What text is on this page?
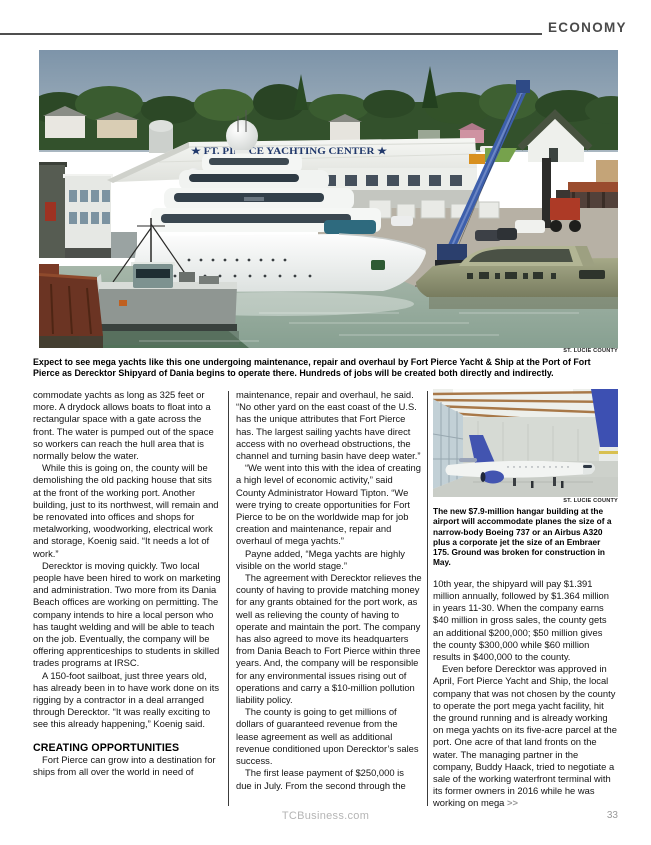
ECONOMY
★ FT. PIERCE YACHTING CENTER ★
ST. LUCIE COUNTY
Expect to see mega yachts like this one undergoing maintenance, repair and overhaul by Fort Pierce Yacht & Ship at the Port of Fort Pierce as Derecktor Shipyard of Dania begins to operate there. Hundreds of jobs will be created both directly and indirectly.
commodate yachts as long as 325 feet or more. A drydock allows boats to float into a rectangular space with a gate across the front. The water is pumped out of the space so workers can reach the hull area that is normally below the water.
While this is going on, the county will be demolishing the old packing house that sits at the front of the working port. Another building, just to its northwest, will remain and be renovated into offices and shops for metalworking, woodworking, electrical work and storage, Koenig said. “It needs a lot of work.”
Derecktor is moving quickly. Two local people have been hired to work on marketing and administration. Two more from its Dania Beach offices are working on permitting. The company intends to hire a local person who has taught welding and will be able to teach on the job. Eventually, the company will be offering apprenticeships to students in skilled trades programs at IRSC.
A 150-foot sailboat, just three years old, has already been in to have work done on its rigging by a contractor in a deal arranged through Derecktor. “It was really exciting to see this already happening,” Koenig said.
CREATING OPPORTUNITIES
Fort Pierce can grow into a destination for ships from all over the world in need of
maintenance, repair and overhaul, he said. “No other yard on the east coast of the U.S. has the unique attributes that Fort Pierce has. The largest sailing yachts have direct access with no overhead obstructions, the channel and turning basin have deep water.”
“We went into this with the idea of creating a high level of economic activity,” said County Administrator Howard Tipton. “We were trying to create opportunities for Fort Pierce to be on the worldwide map for job creation and maintenance, repair and overhaul of mega yachts.”
Payne added, “Mega yachts are highly visible on the world stage.”
The agreement with Derecktor relieves the county of having to provide matching money for any grants obtained for the port work, as well as relieving the county of having to operate and maintain the port. The company has also agreed to move its headquarters from Dania Beach to Fort Pierce within three years. And, the company will be responsible for any environmental issues rising out of operations and carry a $10-million pollution liability policy.
The county is going to get millions of dollars of guaranteed revenue from the lease agreement as well as additional revenue conditioned upon Derecktor’s sales success.
The first lease payment of $250,000 is due in July. From the second through the
ST. LUCIE COUNTY
The new $7.9-million hangar building at the airport will accommodate planes the size of a narrow-body Boeing 737 or an Airbus A320 plus a corporate jet the size of an Embraer 175. Ground was broken for construction in May.
10th year, the shipyard will pay $1.391 million annually, followed by $1.364 million in years 11-30. When the company earns $40 million in gross sales, the county gets an additional $200,000; $50 million gives the county $300,000 while $60 million results in $400,000 to the county.
Even before Derecktor was approved in April, Fort Pierce Yacht and Ship, the local company that was not chosen by the county to operate the port mega yacht facility, hit the ground running and is already working on mega yachts on its five-acre parcel at the port. One acre of that land fronts on the water. The managing partner in the company, Buddy Haack, tried to negotiate a sale of the working waterfront terminal with its former owners in 2016 while he was working on mega >>
TCBusiness.com	33
